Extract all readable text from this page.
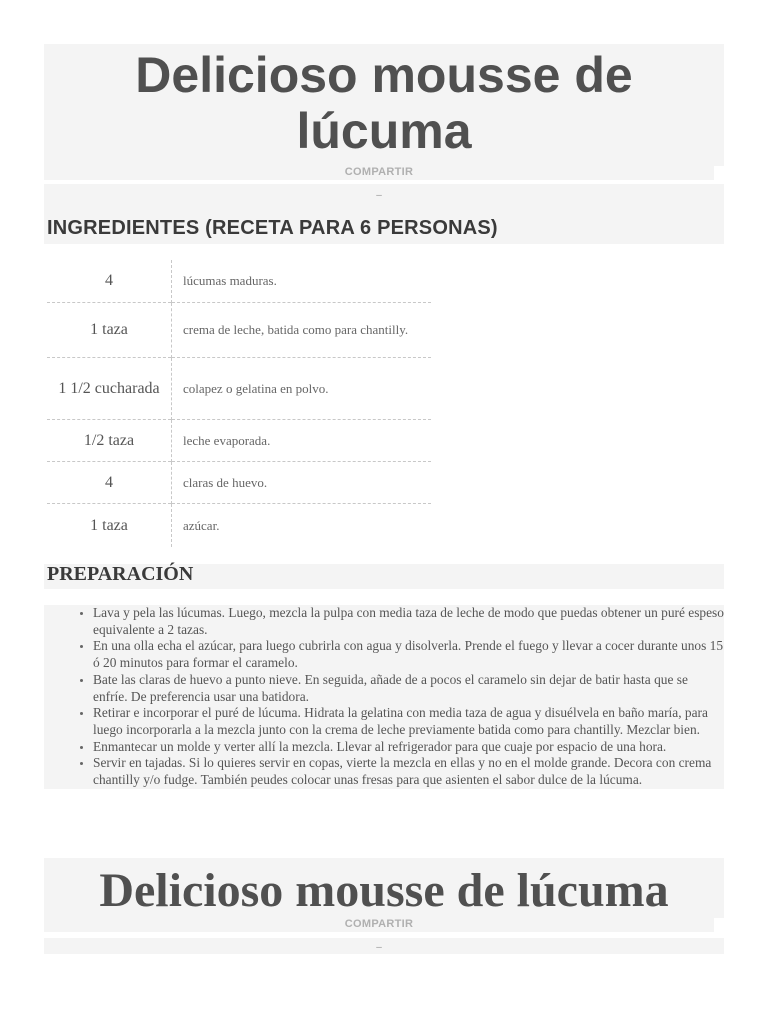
Delicioso mousse de lúcuma
COMPARTIR
–
INGREDIENTES (RECETA PARA 6 PERSONAS)
4	lúcumas maduras.
1 taza	crema de leche, batida como para chantilly.
1 1/2 cucharada	colapez o gelatina en polvo.
1/2 taza	leche evaporada.
4	claras de huevo.
1 taza	azúcar.
PREPARACIÓN
• Lava y pela las lúcumas. Luego, mezcla la pulpa con media taza de leche de modo que puedas obtener un puré espeso equivalente a 2 tazas.
• En una olla echa el azúcar, para luego cubrirla con agua y disolverla. Prende el fuego y llevar a cocer durante unos 15 ó 20 minutos para formar el caramelo.
• Bate las claras de huevo a punto nieve. En seguida, añade de a pocos el caramelo sin dejar de batir hasta que se enfríe. De preferencia usar una batidora.
• Retirar e incorporar el puré de lúcuma. Hidrata la gelatina con media taza de agua y disuélvela en baño maría, para luego incorporarla a la mezcla junto con la crema de leche previamente batida como para chantilly. Mezclar bien.
• Enmantecar un molde y verter allí la mezcla. Llevar al refrigerador para que cuaje por espacio de una hora.
• Servir en tajadas. Si lo quieres servir en copas, vierte la mezcla en ellas y no en el molde grande. Decora con crema chantilly y/o fudge. También peudes colocar unas fresas para que asienten el sabor dulce de la lúcuma.
Delicioso mousse de lúcuma
COMPARTIR
–
